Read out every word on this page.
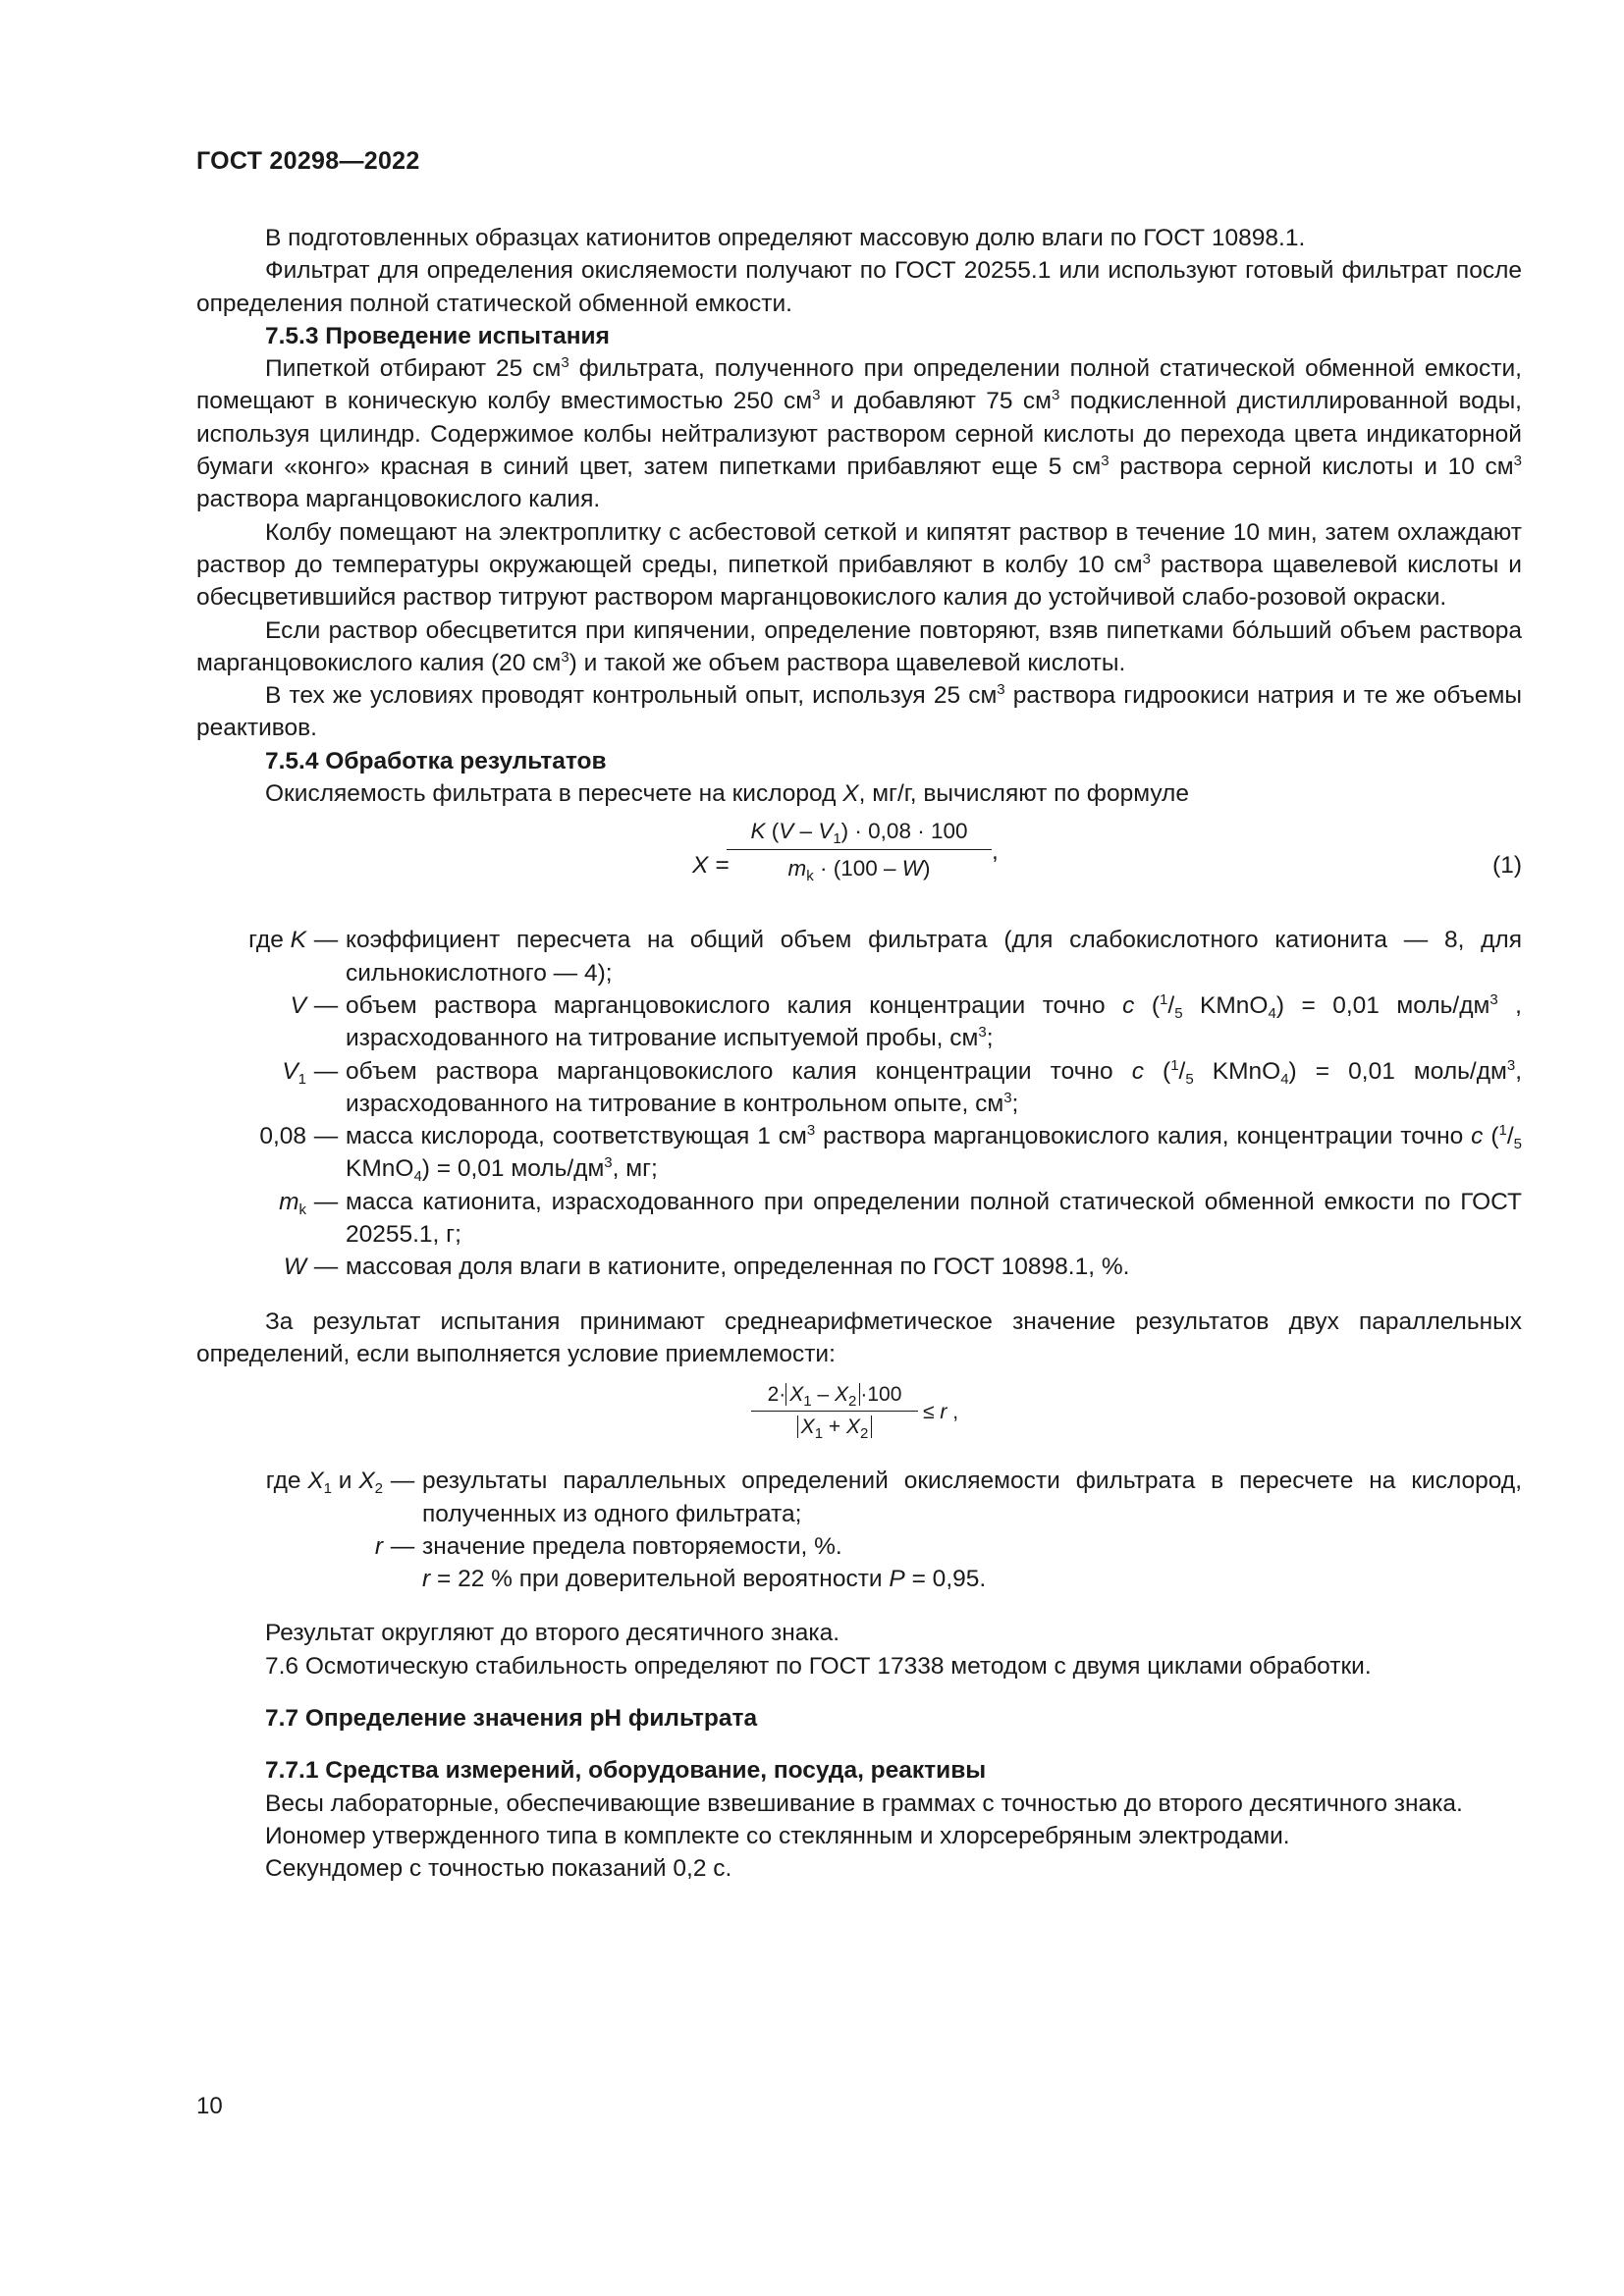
ГОСТ 20298—2022

В подготовленных образцах катионитов определяют массовую долю влаги по ГОСТ 10898.1.

Фильтрат для определения окисляемости получают по ГОСТ 20255.1 или используют готовый фильтрат после определения полной статической обменной емкости.

7.5.3 Проведение испытания

Пипеткой отбирают 25 $см^3$ фильтрата, полученного при определении полной статической обменной емкости, помещают в коническую колбу вместимостью 250 $см^3$ и добавляют 75 $см^3$ подкисленной дистиллированной воды, используя цилиндр. Содержимое колбы нейтрализуют раствором серной кислоты до перехода цвета индикаторной бумаги «конго» красная в синий цвет, затем пипетками прибавляют еще 5 $см^3$ раствора серной кислоты и 10 $см^3$ раствора марганцовокислого калия.

Колбу помещают на электроплитку с асбестовой сеткой и кипятят раствор в течение 10 мин, затем охлаждают раствор до температуры окружающей среды, пипеткой прибавляют в колбу 10 $см^3$ раствора щавелевой кислоты и обесцветившийся раствор титруют раствором марганцовокислого калия до устойчивой слабо-розовой окраски.

Если раствор обесцветится при кипячении, определение повторяют, взяв пипетками бо́льший объем раствора марганцовокислого калия (20 $см^3$) и такой же объем раствора щавелевой кислоты.

В тех же условиях проводят контрольный опыт, используя 25 $см^3$ раствора гидроокиси натрия и те же объемы реактивов.

7.5.4 Обработка результатов

Окисляемость фильтрата в пересчете на кислород X, мг/г, вычисляют по формуле

X =
K $(V - V_1) \cdot 0,08 \cdot 100$
$m_k \cdot (100 - W)$
,
(1)
где K — коэффициент пересчета на общий объем фильтрата (для слабокислотного катионита — 8, для сильнокислотного — 4);
V — объем раствора марганцовокислого калия концентрации точно c ($^1/_5$ KMnO$_4$) = 0,01 моль/$дм^3$ , израсходованного на титрование испытуемой пробы, $см^3$;
$V_1$ — объем раствора марганцовокислого калия концентрации точно c ($^1/_5$ KMnO$_4$) = 0,01 моль/$дм^3$, израсходованного на титрование в контрольном опыте, $см^3$;
0,08 — масса кислорода, соответствующая 1 $см^3$ раствора марганцовокислого калия, концентрации точно c ($^1/_5$ KMnO$_4$) = 0,01 моль/$дм^3$, мг;
$m_k$ — масса катионита, израсходованного при определении полной статической обменной емкости по ГОСТ 20255.1, г;
W — массовая доля влаги в катионите, определенная по ГОСТ 10898.1, %.

За результат испытания принимают среднеарифметическое значение результатов двух параллельных определений, если выполняется условие приемлемости:

$2\cdot X_1 - X_2 \cdot 100$
$X_1 + X_2$
≤ r ,
где $X_1$ и $X_2$ — результаты параллельных определений окисляемости фильтрата в пересчете на кислород, полученных из одного фильтрата;
r — значение предела повторяемости, %.
r = 22 % при доверительной вероятности P = 0,95.

Результат округляют до второго десятичного знака.

7.6 Осмотическую стабильность определяют по ГОСТ 17338 методом с двумя циклами обработки.

7.7 Определение значения pH фильтрата

7.7.1 Средства измерений, оборудование, посуда, реактивы

Весы лабораторные, обеспечивающие взвешивание в граммах с точностью до второго десятичного знака.

Иономер утвержденного типа в комплекте со стеклянным и хлорсеребряным электродами.

Секундомер с точностью показаний 0,2 с.

10
